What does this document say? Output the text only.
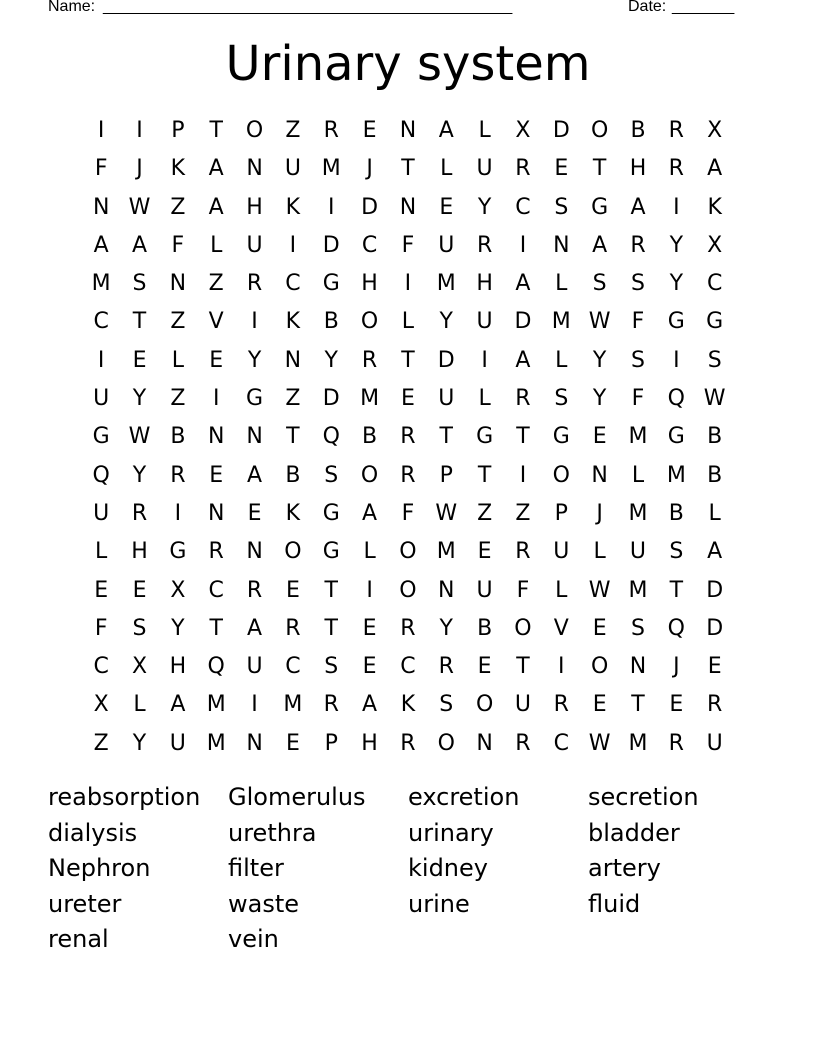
Name: ______________________________________________	Date: _______
Urinary system
I	I	P	T	O	Z	R	E	N	A	L	X	D O	B	R	X
F	J	K	A	N	U M	J	T	L	U	R	E	T	H	R	A
N W Z	A	H	K	I	D N	E	Y	C	S	G	A	I	K
A	A	F	L	U	I	D	C	F	U	R	I	N	A	R	Y	X
M S	N	Z	R	C	G H	I	M H	A	L	S	S	Y	C
C	T	Z	V	I	K	B	O	L	Y	U D M W F	G G
I	E	L	E	Y	N	Y	R	T	D	I	A	L	Y	S	I	S
U	Y	Z	I	G	Z	D M E	U	L	R	S	Y	F	Q W
G W B	N N	T	Q	B	R	T	G	T	G	E M G	B
Q	Y	R	E	A	B	S	O	R	P	T	I	O N	L	M B
U	R	I	N	E	K	G	A	F W Z	Z	P	J	M B	L
L	H G	R	N O G	L	O M E	R	U	L	U	S	A
E	E	X	C	R	E	T	I	O N	U	F	L W M	T	D
F	S	Y	T	A	R	T	E	R	Y	B	O	V	E	S	Q D
C	X	H Q U	C	S	E	C	R	E	T	I	O N	J	E
X	L	A M	I	M R	A	K	S	O U	R	E	T	E	R
Z	Y	U M N	E	P	H	R	O N	R	C W M R	U
reabsorption	Glomerulus	excretion	secretion
dialysis	urethra	urinary	bladder
Nephron	filter	kidney	artery
ureter	waste	urine	fluid
renal	vein
